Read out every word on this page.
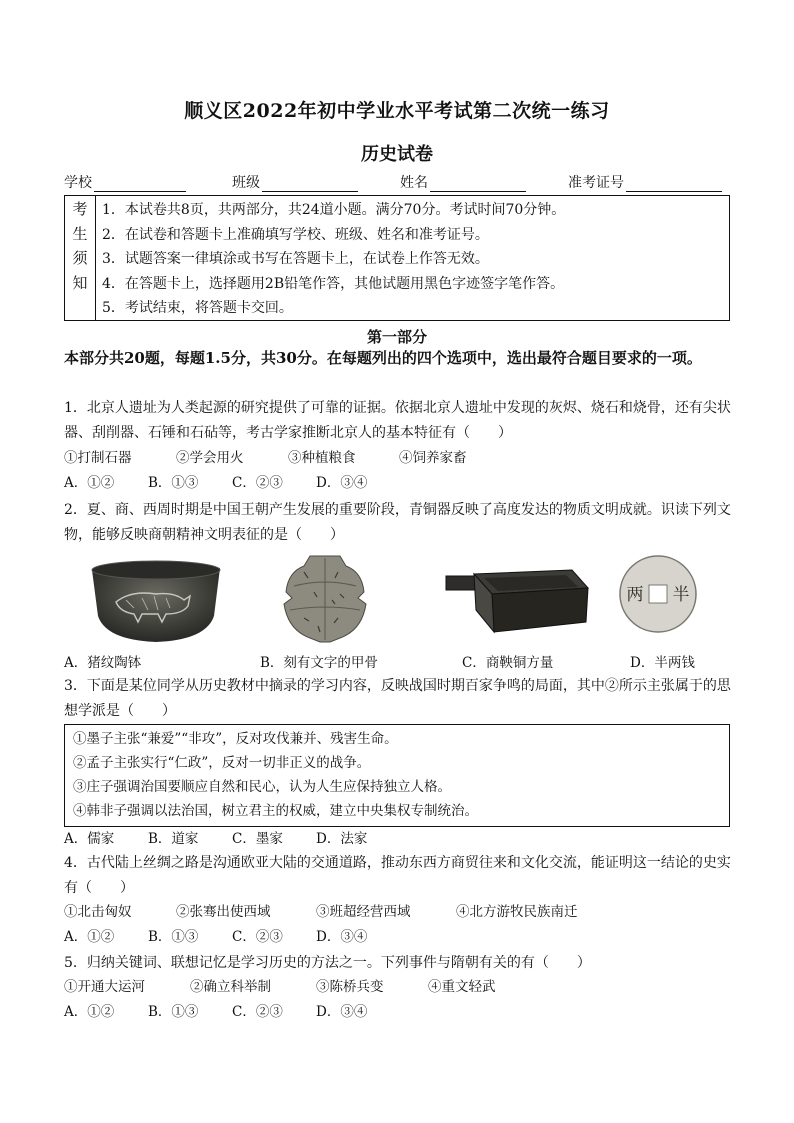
顺义区2022年初中学业水平考试第二次统一练习
历史试卷
学校	班级	姓名	准考证号
考
生
须
知
1．本试卷共8页，共两部分，共24道小题。满分70分。考试时间70分钟。
2．在试卷和答题卡上准确填写学校、班级、姓名和准考证号。
3．试题答案一律填涂或书写在答题卡上，在试卷上作答无效。
4．在答题卡上，选择题用2B铅笔作答，其他试题用黑色字迹签字笔作答。
5．考试结束，将答题卡交回。
第一部分
本部分共20题，每题1.5分，共30分。在每题列出的四个选项中，选出最符合题目要求的一项。
1．北京人遗址为人类起源的研究提供了可靠的证据。依据北京人遗址中发现的灰烬、烧石和烧骨，还有尖状器、刮削器、石锤和石砧等，考古学家推断北京人的基本特征有（　　）
①打制石器	②学会用火	③种植粮食	④饲养家畜
A．①②	B．①③ C．②③ D．③④
2．夏、商、西周时期是中国王朝产生发展的重要阶段，青铜器反映了高度发达的物质文明成就。识读下列文物，能够反映商朝精神文明表征的是（　　）
两 半
A．猪纹陶钵	B．刻有文字的甲骨	C．商鞅铜方量	D．半两钱
3．下面是某位同学从历史教材中摘录的学习内容，反映战国时期百家争鸣的局面，其中②所示主张属于的思想学派是（　　）
①墨子主张“兼爱”“非攻”，反对攻伐兼并、残害生命。
②孟子主张实行“仁政”，反对一切非正义的战争。
③庄子强调治国要顺应自然和民心，认为人生应保持独立人格。
④韩非子强调以法治国，树立君主的权威，建立中央集权专制统治。
A．儒家	B．道家 C．墨家 D．法家
4．古代陆上丝绸之路是沟通欧亚大陆的交通道路，推动东西方商贸往来和文化交流，能证明这一结论的史实有（　　）
①北击匈奴	②张骞出使西域	③班超经营西域	④北方游牧民族南迁
A．①②	B．①③ C．②③ D．③④
5．归纳关键词、联想记忆是学习历史的方法之一。下列事件与隋朝有关的有（　　）
①开通大运河	②确立科举制	③陈桥兵变	④重文轻武
A．①②	B．①③ C．②③ D．③④
